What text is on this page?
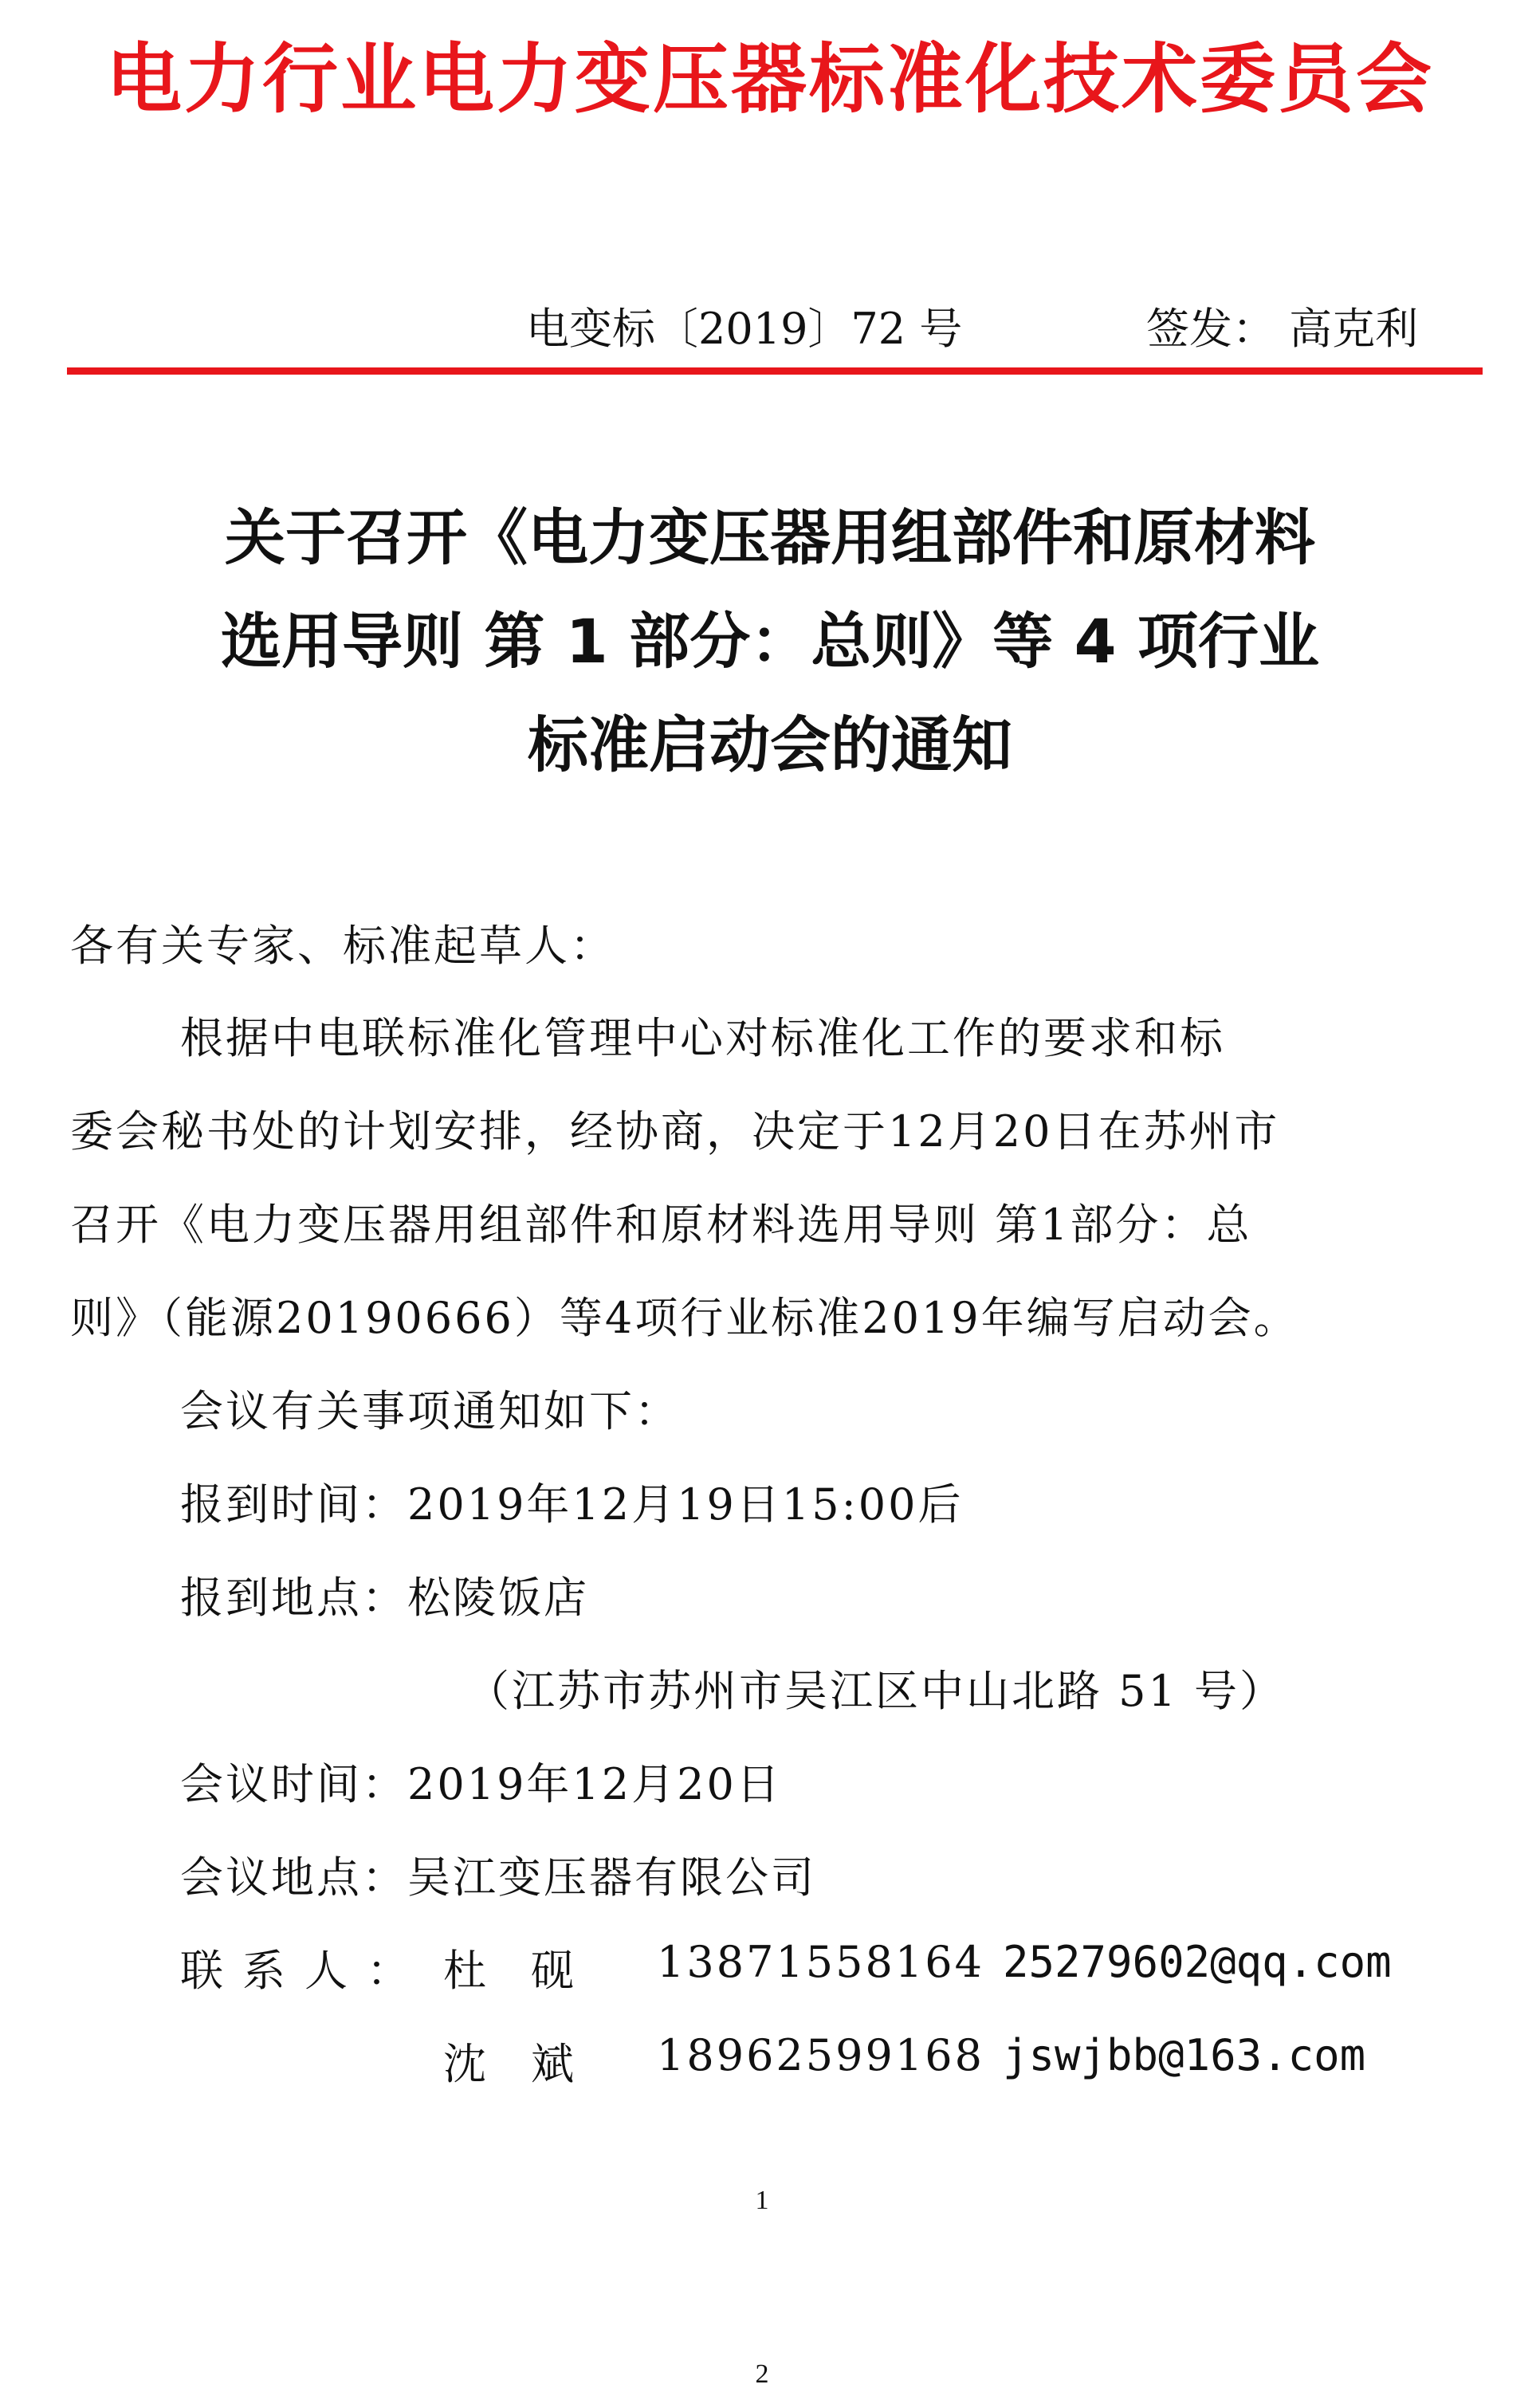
电力行业电力变压器标准化技术委员会
电变标〔2019〕72 号	签发： 高克利
关于召开《电力变压器用组部件和原材料
选用导则 第 1 部分：总则》等 4 项行业
标准启动会的通知
各有关专家、标准起草人：
根据中电联标准化管理中心对标准化工作的要求和标
委会秘书处的计划安排，经协商，决定于12月20日在苏州市
召开《电力变压器用组部件和原材料选用导则 第1部分：总
则》（能源20190666）等4项行业标准2019年编写启动会。
会议有关事项通知如下：
报到时间：2019年12月19日15:00后
报到地点：松陵饭店
（江苏市苏州市吴江区中山北路 51 号）
会议时间：2019年12月20日
会议地点：吴江变压器有限公司
联系人： 杜砚 13871558164 25279602@qq.com
沈斌 18962599168 jswjbb@163.com
1
2
